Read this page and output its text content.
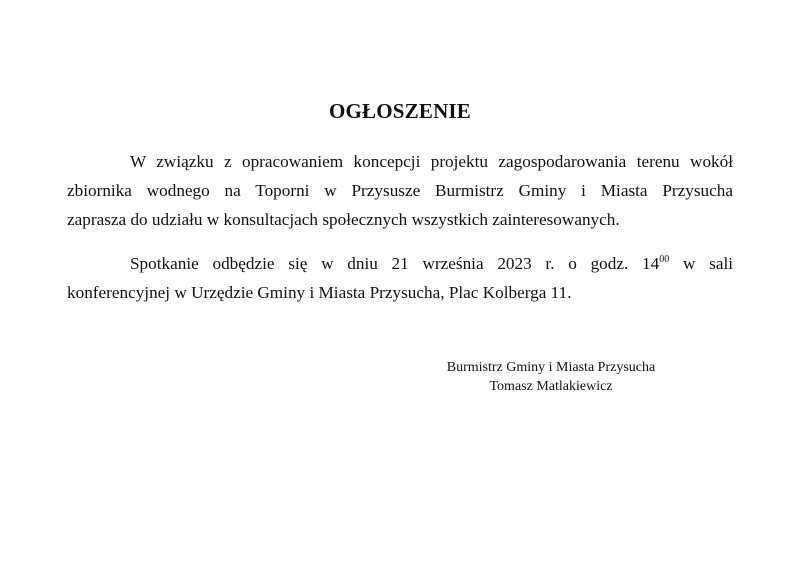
OGŁOSZENIE
W związku z opracowaniem koncepcji projektu zagospodarowania terenu wokół
zbiornika wodnego na Toporni w Przysusze Burmistrz Gminy i Miasta Przysucha
zaprasza do udziału w konsultacjach społecznych wszystkich zainteresowanych.
Spotkanie odbędzie się w dniu 21 września 2023 r. o godz. $14^{00}$ w sali
konferencyjnej w Urzędzie Gminy i Miasta Przysucha, Plac Kolberga 11.
Burmistrz Gminy i Miasta Przysucha
Tomasz Matlakiewicz
